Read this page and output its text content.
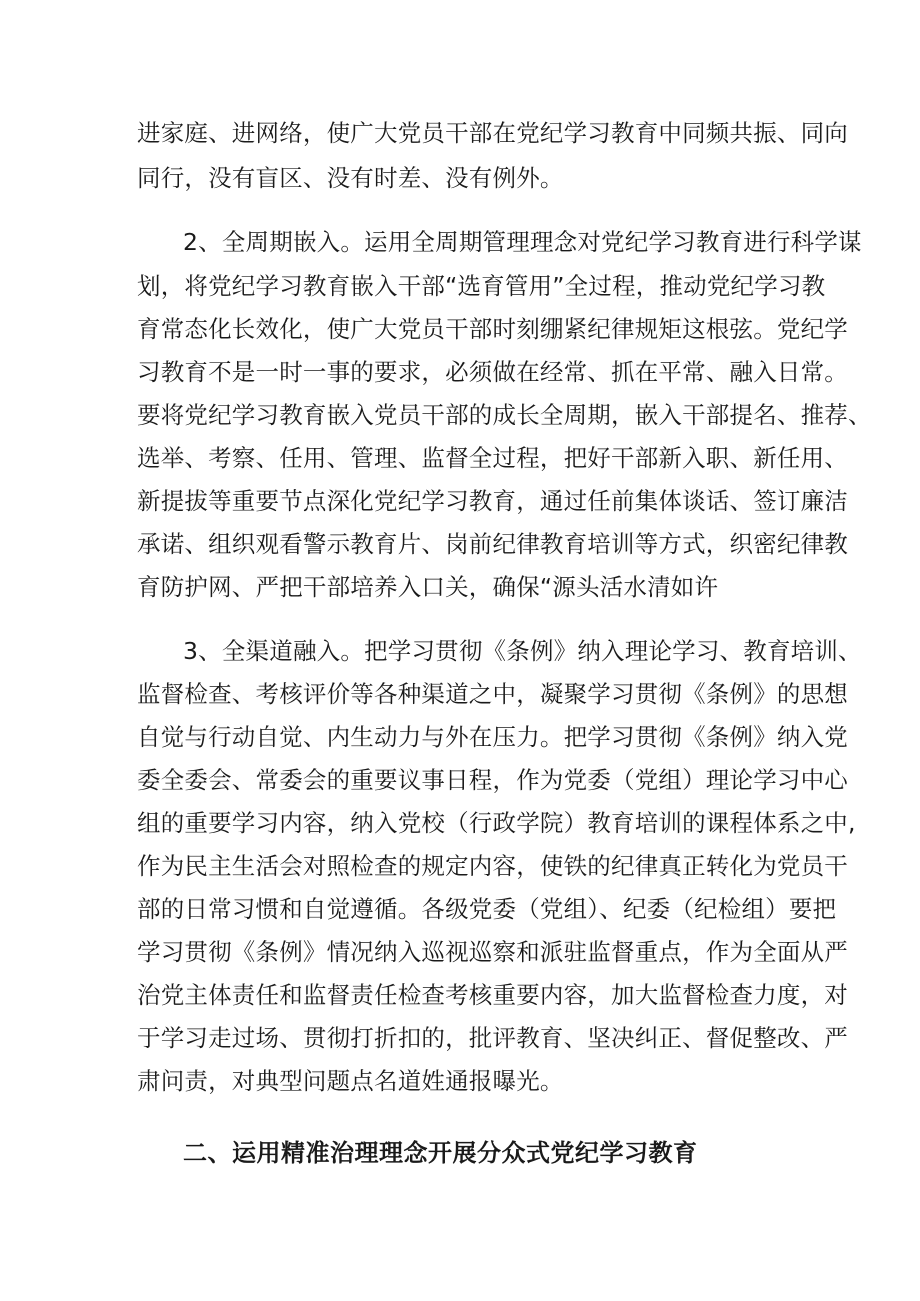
进家庭、进网络，使广大党员干部在党纪学习教育中同频共振、同向
同行，没有盲区、没有时差、没有例外。
2、全周期嵌入。运用全周期管理理念对党纪学习教育进行科学谋
划，将党纪学习教育嵌入干部“选育管用”全过程，推动党纪学习教
育常态化长效化，使广大党员干部时刻绷紧纪律规矩这根弦。党纪学
习教育不是一时一事的要求，必须做在经常、抓在平常、融入日常。
要将党纪学习教育嵌入党员干部的成长全周期，嵌入干部提名、推荐、
选举、考察、任用、管理、监督全过程，把好干部新入职、新任用、
新提拔等重要节点深化党纪学习教育，通过任前集体谈话、签订廉洁
承诺、组织观看警示教育片、岗前纪律教育培训等方式，织密纪律教
育防护网、严把干部培养入口关，确保“源头活水清如许
3、全渠道融入。把学习贯彻《条例》纳入理论学习、教育培训、
监督检查、考核评价等各种渠道之中，凝聚学习贯彻《条例》的思想
自觉与行动自觉、内生动力与外在压力。把学习贯彻《条例》纳入党
委全委会、常委会的重要议事日程，作为党委（党组）理论学习中心
组的重要学习内容，纳入党校（行政学院）教育培训的课程体系之中,
作为民主生活会对照检查的规定内容，使铁的纪律真正转化为党员干
部的日常习惯和自觉遵循。各级党委（党组）、纪委（纪检组）要把
学习贯彻《条例》情况纳入巡视巡察和派驻监督重点，作为全面从严
治党主体责任和监督责任检查考核重要内容，加大监督检查力度，对
于学习走过场、贯彻打折扣的，批评教育、坚决纠正、督促整改、严
肃问责，对典型问题点名道姓通报曝光。
二、运用精准治理理念开展分众式党纪学习教育
